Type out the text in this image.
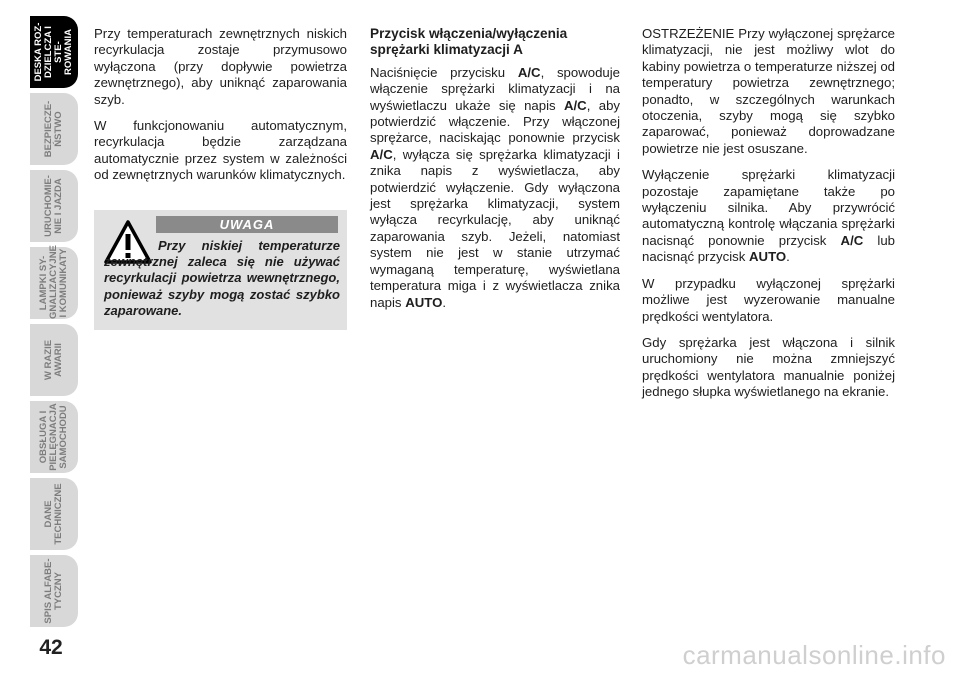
DESKA ROZ-
DZIELCZA I STE-
ROWANIA
BEZPIECZE-
ŃSTWO
URUCHOMIE-
NIE I JAZDA
LAMPKI SY-
GNALIZACYJNE
I KOMUNIKATY
W RAZIE
AWARII
OBSŁUGA I
PIELĘGNACJA
SAMOCHODU
DANE
TECHNICZNE
SPIS ALFABE-
TYCZNY
42

Przy temperaturach zewnętrznych niskich recyrkulacja zostaje przymusowo wyłączona (przy dopływie powietrza zewnętrznego), aby uniknąć zaparowania szyb.

W funkcjonowaniu automatycznym, recyrkulacja będzie zarządzana automatycznie przez system w zależności od zewnętrznych warunków klimatycznych.

UWAGA
Przy niskiej temperaturze zewnętrznej zaleca się nie używać recyrkulacji powietrza wewnętrznego, ponieważ szyby mogą zostać szybko zaparowane.
Przycisk włączenia/wyłączenia sprężarki klimatyzacji A

Naciśnięcie przycisku A/C, spowoduje włączenie sprężarki klimatyzacji i na wyświetlaczu ukaże się napis A/C, aby potwierdzić włączenie. Przy włączonej sprężarce, naciskając ponownie przycisk A/C, wyłącza się sprężarka klimatyzacji i znika napis z wyświetlacza, aby potwierdzić wyłączenie. Gdy wyłączona jest sprężarka klimatyzacji, system wyłącza recyrkulację, aby uniknąć zaparowania szyb. Jeżeli, natomiast system nie jest w stanie utrzymać wymaganą temperaturę, wyświetlana temperatura miga i z wyświetlacza znika napis AUTO.

OSTRZEŻENIE Przy wyłączonej sprężarce klimatyzacji, nie jest możliwy wlot do kabiny powietrza o temperaturze niższej od temperatury powietrza zewnętrznego; ponadto, w szczególnych warunkach otoczenia, szyby mogą się szybko zaparować, ponieważ doprowadzane powietrze nie jest osuszane.

Wyłączenie sprężarki klimatyzacji pozostaje zapamiętane także po wyłączeniu silnika. Aby przywrócić automatyczną kontrolę włączania sprężarki nacisnąć ponownie przycisk A/C lub nacisnąć przycisk AUTO.

W przypadku wyłączonej sprężarki możliwe jest wyzerowanie manualne prędkości wentylatora.

Gdy sprężarka jest włączona i silnik uruchomiony nie można zmniejszyć prędkości wentylatora manualnie poniżej jednego słupka wyświetlanego na ekranie.

carmanualsonline.info
